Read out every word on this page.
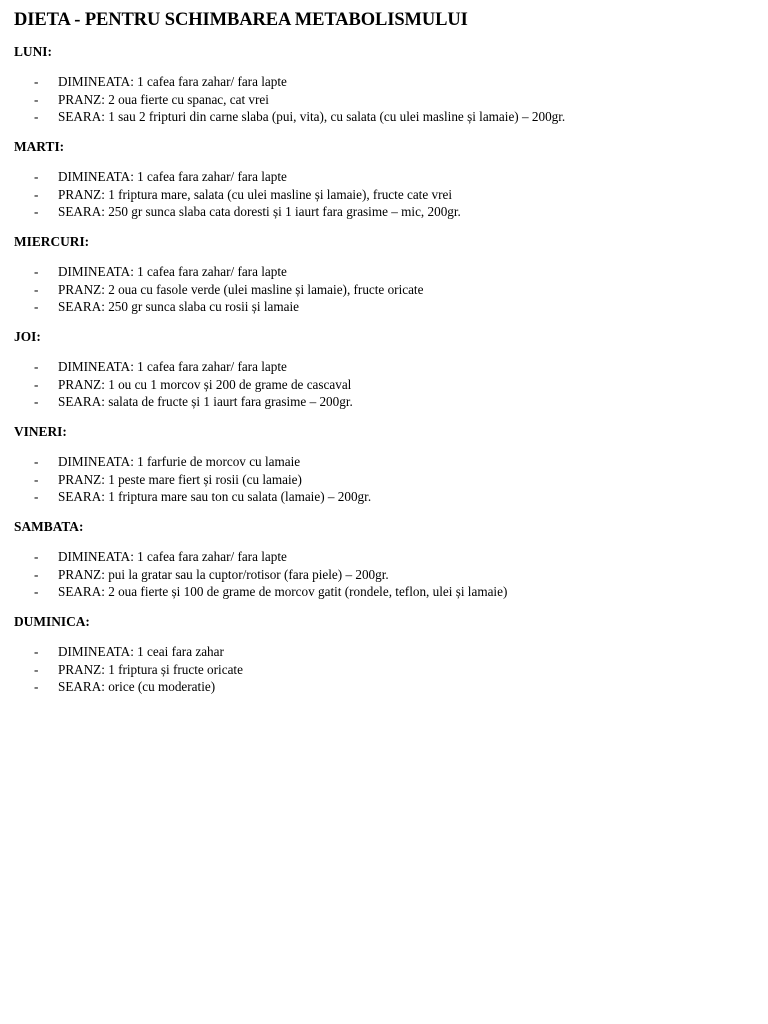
DIETA - PENTRU SCHIMBAREA METABOLISMULUI

LUNI:

- DIMINEATA: 1 cafea fara zahar/ fara lapte
- PRANZ: 2 oua fierte cu spanac, cat vrei
- SEARA: 1 sau 2 fripturi din carne slaba (pui, vita), cu salata (cu ulei masline și lamaie) – 200gr.

MARTI:

- DIMINEATA: 1 cafea fara zahar/ fara lapte
- PRANZ: 1 friptura mare, salata (cu ulei masline și lamaie), fructe cate vrei
- SEARA: 250 gr sunca slaba cata doresti și 1 iaurt fara grasime – mic, 200gr.

MIERCURI:

- DIMINEATA: 1 cafea fara zahar/ fara lapte
- PRANZ: 2 oua cu fasole verde (ulei masline și lamaie), fructe oricate
- SEARA: 250 gr sunca slaba cu rosii și lamaie

JOI:

- DIMINEATA: 1 cafea fara zahar/ fara lapte
- PRANZ: 1 ou cu 1 morcov și 200 de grame de cascaval
- SEARA: salata de fructe și 1 iaurt fara grasime – 200gr.

VINERI:

- DIMINEATA: 1 farfurie de morcov cu lamaie
- PRANZ: 1 peste mare fiert și rosii (cu lamaie)
- SEARA: 1 friptura mare sau ton cu salata (lamaie) – 200gr.

SAMBATA:

- DIMINEATA: 1 cafea fara zahar/ fara lapte
- PRANZ: pui la gratar sau la cuptor/rotisor (fara piele) – 200gr.
- SEARA: 2 oua fierte și 100 de grame de morcov gatit (rondele, teflon, ulei și lamaie)

DUMINICA:

- DIMINEATA: 1 ceai fara zahar
- PRANZ: 1 friptura și fructe oricate
- SEARA: orice (cu moderatie)
